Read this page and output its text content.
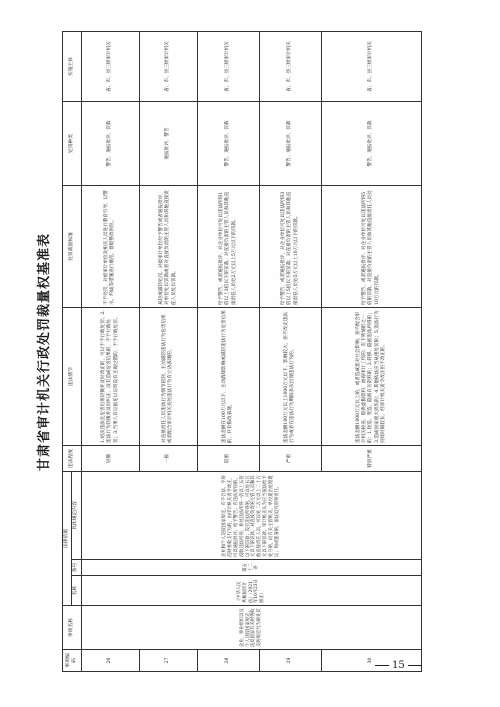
甘肃省审计机关行政处罚裁量权基准表
事项编码	事项名称	法律依据			违法程度	违法情节	处罚裁量标准	处罚种类	实施主体
		名称	条号	具体规定内容					
26	企业、事业组织以及个人违反国家规定，违反国家有关财务收支的规定行为的处罚	《中华人民共和国审计法》（2021年10月23日修正）	第五十二条	企业和个人违反国家规定，有不合法、不规范财务收支行为的，由审计机关责令改正，可以通报批评，给予警告；有违法所得的，没收违法所得，并处违法所得一倍以上五倍以下的罚款；没有违法所得的，可以处五万元以下的罚款。对直接负责的主管人员和其他直接责任人员，可以处二万元以上二十万元以下的罚款。审计机关认为应当依法给予处分的，向有关主管机关、单位提出处理建议；构成犯罪的，依法追究刑事责任。	轻微	1.初次违法且危害后果轻微并及时改正的，可以不予行政处罚；2.违法行为轻微并及时纠正，没有造成危害后果的，不予行政处罚；3.当事人有证据足以证明没有主观过错的，不予行政处罚。	不予处罚，对被审计单位及相关人员进行教育引导，以警示、约谈等措施进行规范，督促整改到位。	警告，通报批评，罚款	省、市、县三级审计机关
27					一般	对直接责任人员违法行为情节较轻，主动减轻违法行为危害后果或者配合审计机关查处违法行为有立功表现的。	从轻或减轻处罚，对被审计单位给予警告或者通报批评，对单位处以罚款或者对直接负责的主管人员和其他直接责任人员处以罚款。	通报批评，警告	省、市、县三级审计机关
28					较重	违法金额在100万元以下，主动消除影响或减轻违法行为危害后果的，并有悔改表现。	给予警告，或者通报批评，对企业单位可处以违法所得1倍以上3倍以下的罚款，对直接负责的主管人员和其他直接责任人员处2万元以上5万元以下的罚款。	警告，通报批评，罚款	省、市、县三级审计机关
29					严重	违法金额100万元以上1000万元以下，影响较大，拒不改正违法行为或者在违法行为期间多次出现违法行为的。	给予警告，或者通报批评，对企业单位可处以违法所得3倍以上5倍以下的罚款，对直接负责的主管人员和其他直接责任人员处5万元以上10万元以下的罚款。	警告，通报批评，罚款	省、市、县三级审计机关
30					特别严重	违法金额1000万元以上的，或者造成恶劣社会影响，拒不配合审计机关检查，提供虚假资料，妨碍审计工作的；有下列情形之一的：1.伪造、变造、隐匿有关资料的；2.转移、隐匿违法所得的；3.造成国家重大损失的；4.其他依法应当从重处罚的；5.违法行为持续时间较长，经审计机关责令改正拒不改正的。	给予警告，或者通报批评，对企业单位可处以违法所得5倍的罚款，对直接负责的主管人员和其他直接责任人员处10万元的罚款。	警告，通报批评，罚款	省、市、县三级审计机关
15
